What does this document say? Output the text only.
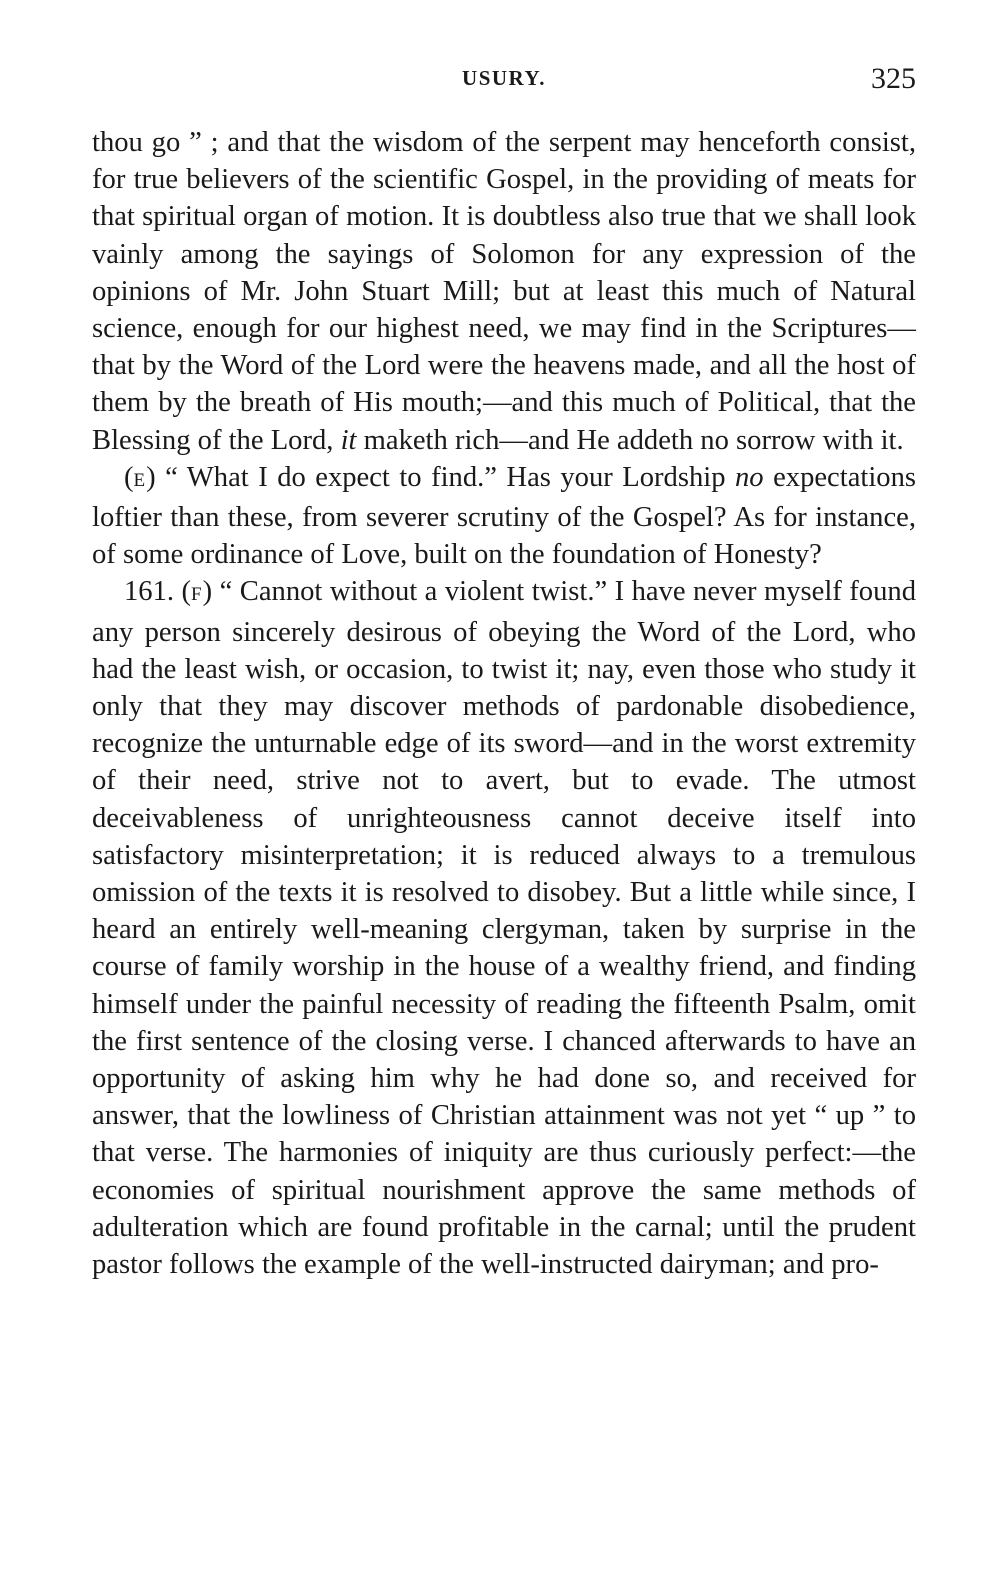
USURY.	325

thou go ” ; and that the wisdom of the serpent may henceforth consist, for true believers of the scientific Gospel, in the providing of meats for that spiritual organ of motion. It is doubtless also true that we shall look vainly among the sayings of Solomon for any expression of the opinions of Mr. John Stuart Mill; but at least this much of Natural science, enough for our highest need, we may find in the Scriptures—that by the Word of the Lord were the heavens made, and all the host of them by the breath of His mouth;—and this much of Political, that the Blessing of the Lord, it maketh rich—and He addeth no sorrow with it.

(E) “ What I do expect to find.” Has your Lordship no expectations loftier than these, from severer scrutiny of the Gospel? As for instance, of some ordinance of Love, built on the foundation of Honesty?

161. (F) “ Cannot without a violent twist.” I have never myself found any person sincerely desirous of obeying the Word of the Lord, who had the least wish, or occasion, to twist it; nay, even those who study it only that they may discover methods of pardonable disobedience, recognize the unturnable edge of its sword—and in the worst extremity of their need, strive not to avert, but to evade. The utmost deceivableness of unrighteousness cannot deceive itself into satisfactory misinterpretation; it is reduced always to a tremulous omission of the texts it is resolved to disobey. But a little while since, I heard an entirely well-meaning clergyman, taken by surprise in the course of family worship in the house of a wealthy friend, and finding himself under the painful necessity of reading the fifteenth Psalm, omit the first sentence of the closing verse. I chanced afterwards to have an opportunity of asking him why he had done so, and received for answer, that the lowliness of Christian attainment was not yet “ up ” to that verse. The harmonies of iniquity are thus curiously perfect:—the economies of spiritual nourishment approve the same methods of adulteration which are found profitable in the carnal; until the prudent pastor follows the example of the well-instructed dairyman; and pro-
